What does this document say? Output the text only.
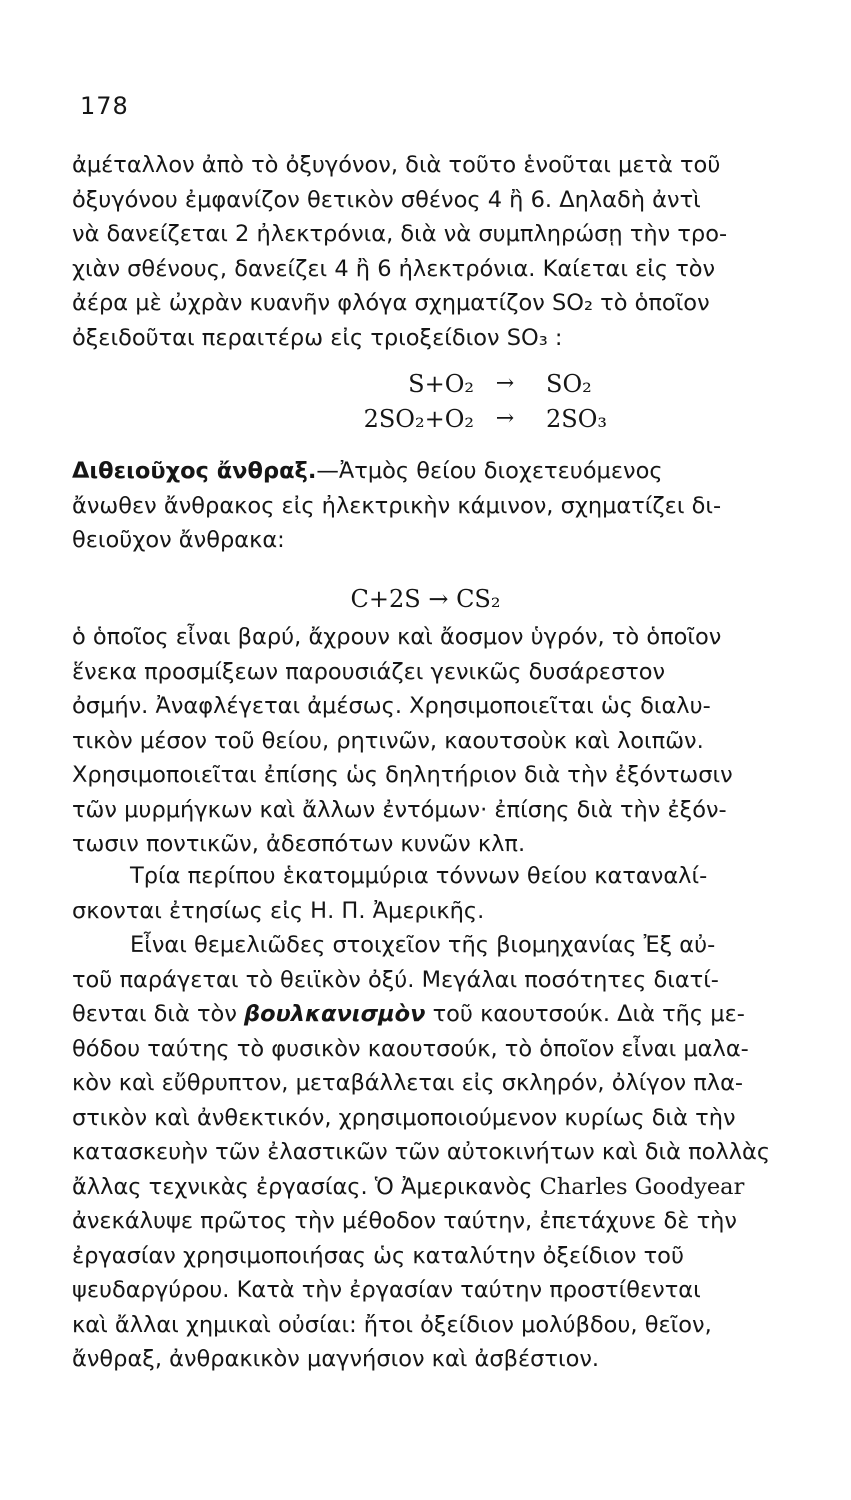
178

ἀμέταλλον ἀπὸ τὸ ὀξυγόνον, διὰ τοῦτο ἑνοῦται μετὰ τοῦ

ὀξυγόνου ἐμφανίζον θετικὸν σθένος 4 ἢ 6. Δηλαδὴ ἀντὶ

νὰ δανείζεται 2 ἠλεκτρόνια, διὰ νὰ συμπληρώσῃ τὴν τρο-

χιὰν σθένους, δανείζει 4 ἢ 6 ἠλεκτρόνια. Καίεται εἰς τὸν

ἀέρα μὲ ὠχρὰν κυανῆν φλόγα σχηματίζον SO₂ τὸ ὁποῖον

ὀξειδοῦται περαιτέρω εἰς τριοξείδιον SO₃ :

S+O₂ →	SO₂
2SO₂+O₂ →	2SO₃

Διθειοῦχος ἄνθραξ.—Ἀτμὸς θείου διοχετευόμενος

ἄνωθεν ἄνθρακος εἰς ἠλεκτρικὴν κάμινον, σχηματίζει δι-

θειοῦχον ἄνθρακα:

C+2S → CS₂

ὁ ὁποῖος εἶναι βαρύ, ἄχρουν καὶ ἄοσμον ὑγρόν, τὸ ὁποῖον

ἕνεκα προσμίξεων παρουσιάζει γενικῶς δυσάρεστον

ὀσμήν. Ἀναφλέγεται ἀμέσως. Χρησιμοποιεῖται ὡς διαλυ-

τικὸν μέσον τοῦ θείου, ρητινῶν, καουτσοὺκ καὶ λοιπῶν.

Χρησιμοποιεῖται ἐπίσης ὡς δηλητήριον διὰ τὴν ἐξόντωσιν

τῶν μυρμήγκων καὶ ἄλλων ἐντόμων· ἐπίσης διὰ τὴν ἐξόν-

τωσιν ποντικῶν, ἀδεσπότων κυνῶν κλπ.

Τρία περίπου ἑκατομμύρια τόννων θείου καταναλί-

σκονται ἐτησίως εἰς Η. Π. Ἀμερικῆς.

Εἶναι θεμελιῶδες στοιχεῖον τῆς βιομηχανίας Ἐξ αὐ-

τοῦ παράγεται τὸ θειϊκὸν ὀξύ. Μεγάλαι ποσότητες διατί-

θενται διὰ τὸν βουλκανισμὸν τοῦ καουτσούκ. Διὰ τῆς με-

θόδου ταύτης τὸ φυσικὸν καουτσούκ, τὸ ὁποῖον εἶναι μαλα-

κὸν καὶ εὔθρυπτον, μεταβάλλεται εἰς σκληρόν, ὀλίγον πλα-

στικὸν καὶ ἀνθεκτικόν, χρησιμοποιούμενον κυρίως διὰ τὴν

κατασκευὴν τῶν ἐλαστικῶν τῶν αὐτοκινήτων καὶ διὰ πολλὰς

ἄλλας τεχνικὰς ἐργασίας. Ὁ Ἀμερικανὸς Charles Goodyear

ἀνεκάλυψε πρῶτος τὴν μέθοδον ταύτην, ἐπετάχυνε δὲ τὴν

ἐργασίαν χρησιμοποιήσας ὡς καταλύτην ὀξείδιον τοῦ

ψευδαργύρου. Κατὰ τὴν ἐργασίαν ταύτην προστίθενται

καὶ ἄλλαι χημικαὶ οὐσίαι: ἤτοι ὀξείδιον μολύβδου, θεῖον,

ἄνθραξ, ἀνθρακικὸν μαγνήσιον καὶ ἀσβέστιον.
